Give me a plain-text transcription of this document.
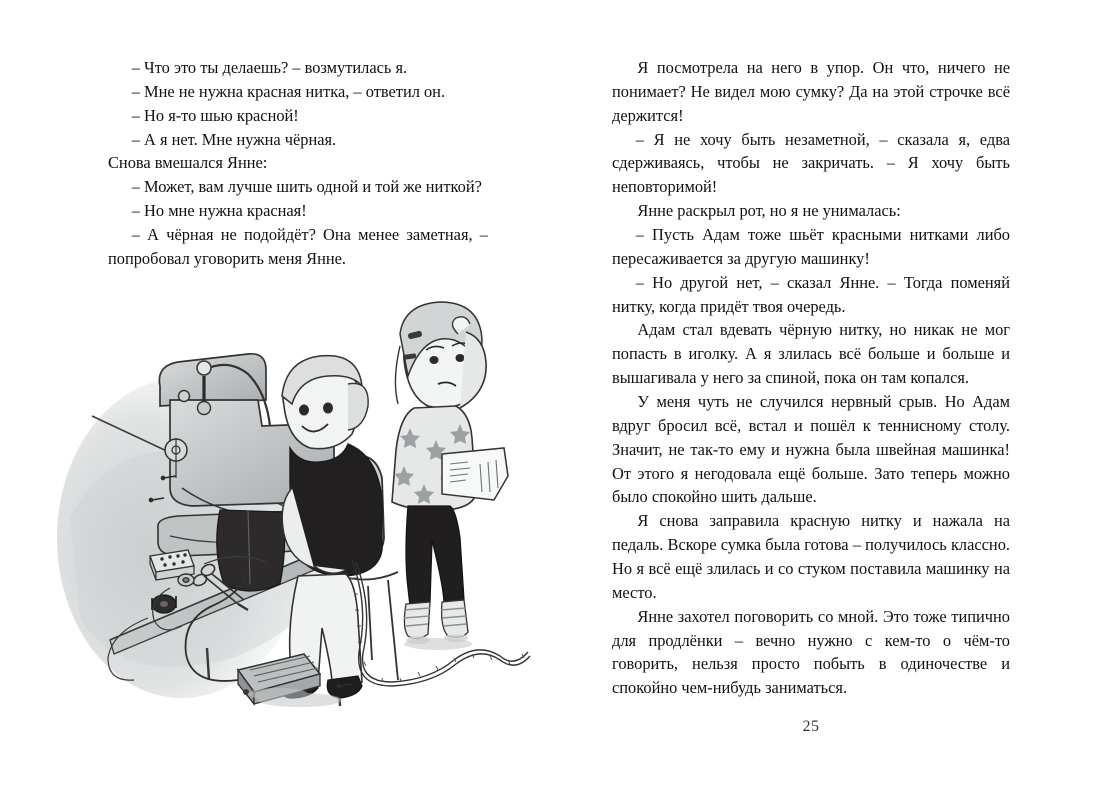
– Что это ты делаешь? – возмутилась я.

– Мне не нужна красная нитка, – ответил он.

– Но я-то шью красной!

– А я нет. Мне нужна чёрная.

Снова вмешался Янне:

– Может, вам лучше шить одной и той же ниткой?

– Но мне нужна красная!

– А чёрная не подойдёт? Она менее заметная, – попробовал уговорить меня Янне.

Я посмотрела на него в упор. Он что, ничего не понимает? Не видел мою сумку? Да на этой строчке всё держится!

– Я не хочу быть незаметной, – сказала я, едва сдерживаясь, чтобы не закричать. – Я хочу быть неповторимой!

Янне раскрыл рот, но я не унималась:

– Пусть Адам тоже шьёт красными нитками либо пересаживается за другую машинку!

– Но другой нет, – сказал Янне. – Тогда поменяй нитку, когда придёт твоя очередь.

Адам стал вдевать чёрную нитку, но никак не мог попасть в иголку. А я злилась всё больше и больше и вышагивала у него за спиной, пока он там копался.

У меня чуть не случился нервный срыв. Но Адам вдруг бросил всё, встал и пошёл к теннисному столу. Значит, не так-то ему и нужна была швейная машинка! От этого я негодовала ещё больше. Зато теперь можно было спокойно шить дальше.

Я снова заправила красную нитку и нажала на педаль. Вскоре сумка была готова – получилось классно. Но я всё ещё злилась и со стуком поставила машинку на место.

Янне захотел поговорить со мной. Это тоже типично для продлёнки – вечно нужно с кем-то о чём-то говорить, нельзя просто побыть в одиночестве и спокойно чем-нибудь заниматься.

25
